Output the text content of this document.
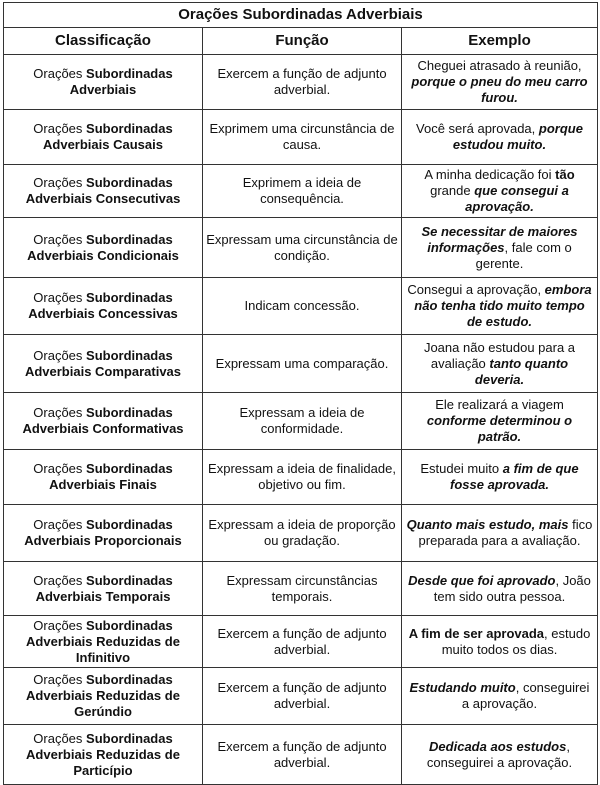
Orações Subordinadas Adverbiais		
Classificação	Função	Exemplo
Orações Subordinadas Adverbiais	Exercem a função de adjunto adverbial.	Cheguei atrasado à reunião, porque o pneu do meu carro furou.
Orações Subordinadas Adverbiais Causais	Exprimem uma circunstância de causa.	Você será aprovada, porque estudou muito.
Orações Subordinadas Adverbiais Consecutivas	Exprimem a ideia de consequência.	A minha dedicação foi tão grande que consegui a aprovação.
Orações Subordinadas Adverbiais Condicionais	Expressam uma circunstância de condição.	Se necessitar de maiores informações, fale com o gerente.
Orações Subordinadas Adverbiais Concessivas	Indicam concessão.	Consegui a aprovação, embora não tenha tido muito tempo de estudo.
Orações Subordinadas Adverbiais Comparativas	Expressam uma comparação.	Joana não estudou para a avaliação tanto quanto deveria.
Orações Subordinadas Adverbiais Conformativas	Expressam a ideia de conformidade.	Ele realizará a viagem conforme determinou o patrão.
Orações Subordinadas Adverbiais Finais	Expressam a ideia de finalidade, objetivo ou fim.	Estudei muito a fim de que fosse aprovada.
Orações Subordinadas Adverbiais Proporcionais	Expressam a ideia de proporção ou gradação.	Quanto mais estudo, mais fico preparada para a avaliação.
Orações Subordinadas Adverbiais Temporais	Expressam circunstâncias temporais.	Desde que foi aprovado, João tem sido outra pessoa.
Orações Subordinadas Adverbiais Reduzidas de Infinitivo	Exercem a função de adjunto adverbial.	A fim de ser aprovada, estudo muito todos os dias.
Orações Subordinadas Adverbiais Reduzidas de Gerúndio	Exercem a função de adjunto adverbial.	Estudando muito, conseguirei a aprovação.
Orações Subordinadas Adverbiais Reduzidas de Particípio	Exercem a função de adjunto adverbial.	Dedicada aos estudos, conseguirei a aprovação.
